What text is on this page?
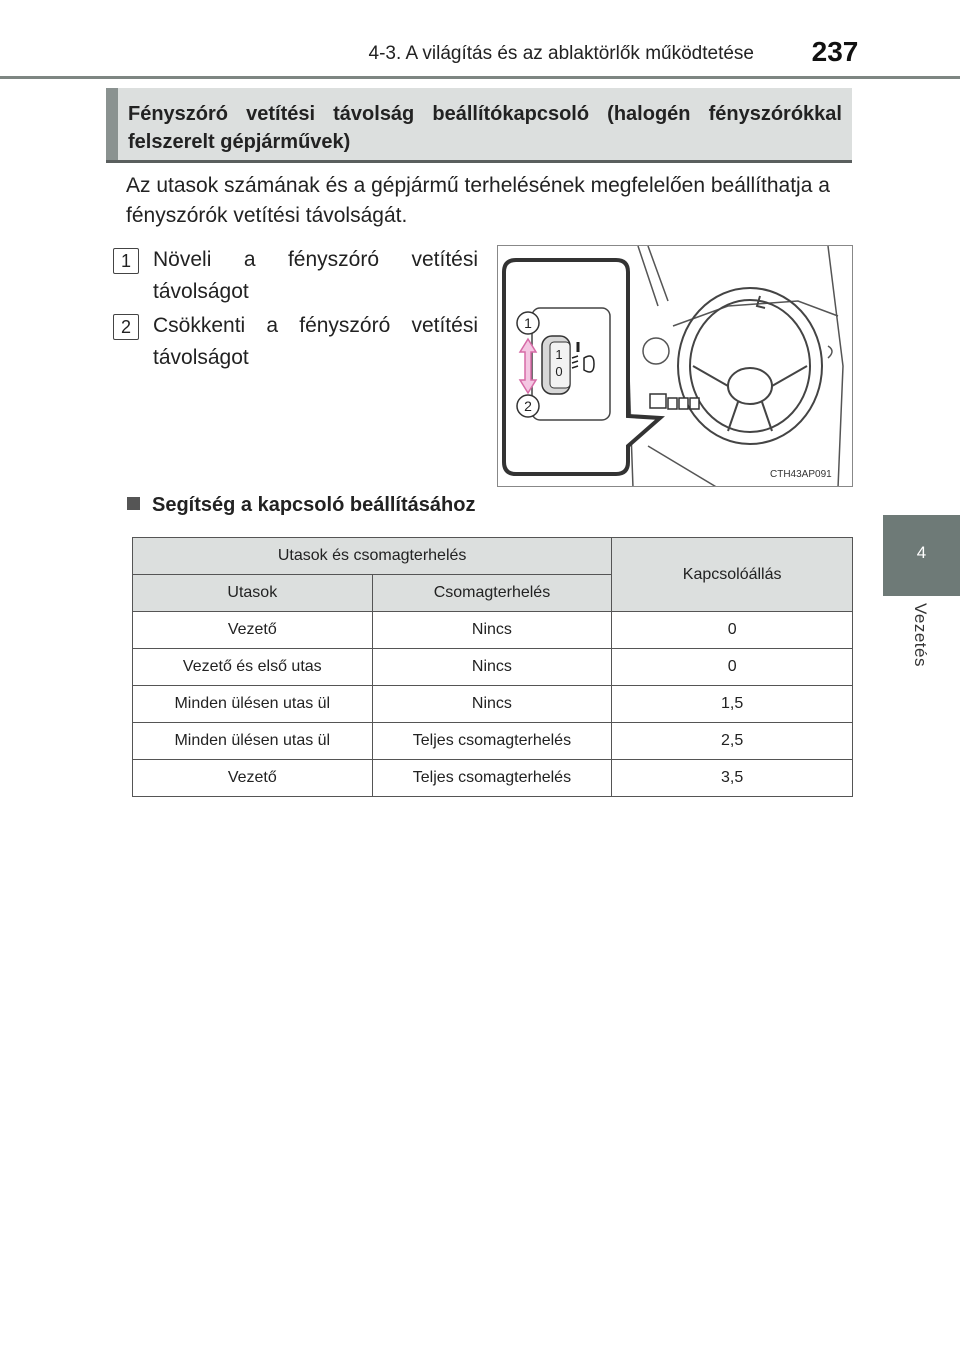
4-3. A világítás és az ablaktörlők működtetése	237
4
Vezetés
Fényszóró vetítési távolság beállítókapcsoló (halogén fényszórókkal felszerelt gépjárművek)
Az utasok számának és a gépjármű terhelésének megfelelően beállíthatja a fényszórók vetítési távolságát.
1	Növeli a fényszóró vetítési távolságot
2	Csökkenti a fényszóró vetítési távolságot	1
0
1
2
CTH43AP091
Segítség a kapcsoló beállításához
Utasok és csomagterhelés		Kapcsolóállás
Utasok	Csomagterhelés	
Vezető	Nincs	0
Vezető és első utas	Nincs	0
Minden ülésen utas ül	Nincs	1,5
Minden ülésen utas ül	Teljes csomagterhelés	2,5
Vezető	Teljes csomagterhelés	3,5
